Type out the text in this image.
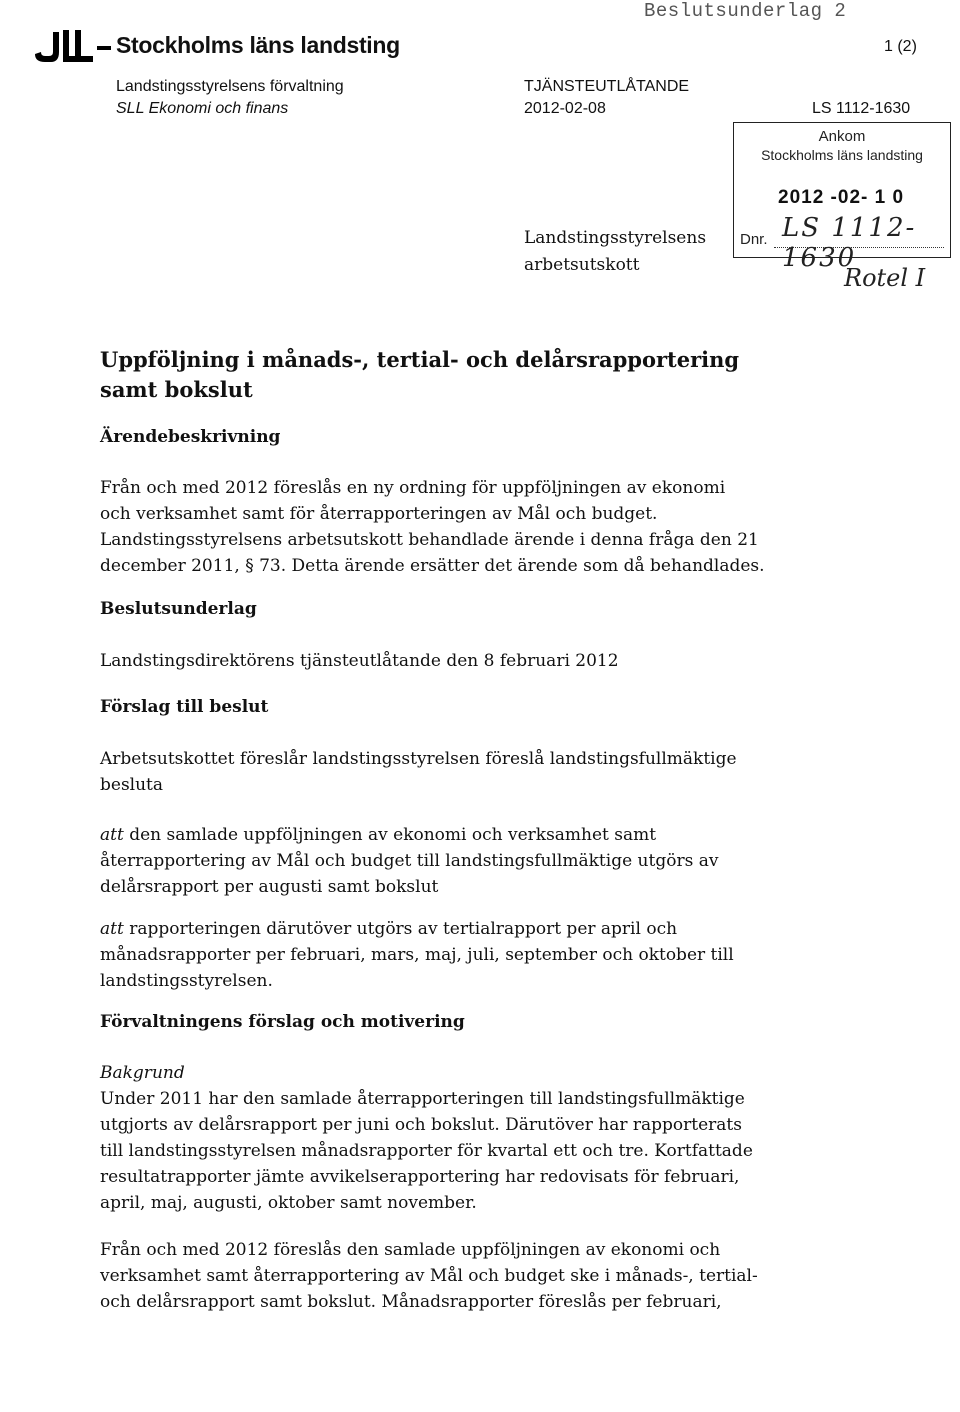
Beslutsunderlag 2
Stockholms läns landsting	1 (2)
Landstingsstyrelsens förvaltning
SLL Ekonomi och finans
TJÄNSTEUTLÅTANDE
2012-02-08	LS 1112-1630
Ankom
Stockholms läns landsting
2012 -02- 1 0
Dnr. LS 1112-1630
Rotel I
Landstingsstyrelsens
arbetsutskott
Uppföljning i månads-, tertial- och delårsrapportering
samt bokslut
Ärendebeskrivning

Från och med 2012 föreslås en ny ordning för uppföljningen av ekonomi

och verksamhet samt för återrapporteringen av Mål och budget.

Landstingsstyrelsens arbetsutskott behandlade ärende i denna fråga den 21

december 2011, § 73. Detta ärende ersätter det ärende som då behandlades.

Beslutsunderlag

Landstingsdirektörens tjänsteutlåtande den 8 februari 2012

Förslag till beslut

Arbetsutskottet föreslår landstingsstyrelsen föreslå landstingsfullmäktige

besluta

att den samlade uppföljningen av ekonomi och verksamhet samt

återrapportering av Mål och budget till landstingsfullmäktige utgörs av

delårsrapport per augusti samt bokslut

att rapporteringen därutöver utgörs av tertialrapport per april och

månadsrapporter per februari, mars, maj, juli, september och oktober till

landstingsstyrelsen.

Förvaltningens förslag och motivering

Bakgrund

Under 2011 har den samlade återrapporteringen till landstingsfullmäktige

utgjorts av delårsrapport per juni och bokslut. Därutöver har rapporterats

till landstingsstyrelsen månadsrapporter för kvartal ett och tre. Kortfattade

resultatrapporter jämte avvikelserapportering har redovisats för februari,

april, maj, augusti, oktober samt november.

Från och med 2012 föreslås den samlade uppföljningen av ekonomi och

verksamhet samt återrapportering av Mål och budget ske i månads-, tertial-

och delårsrapport samt bokslut. Månadsrapporter föreslås per februari,
